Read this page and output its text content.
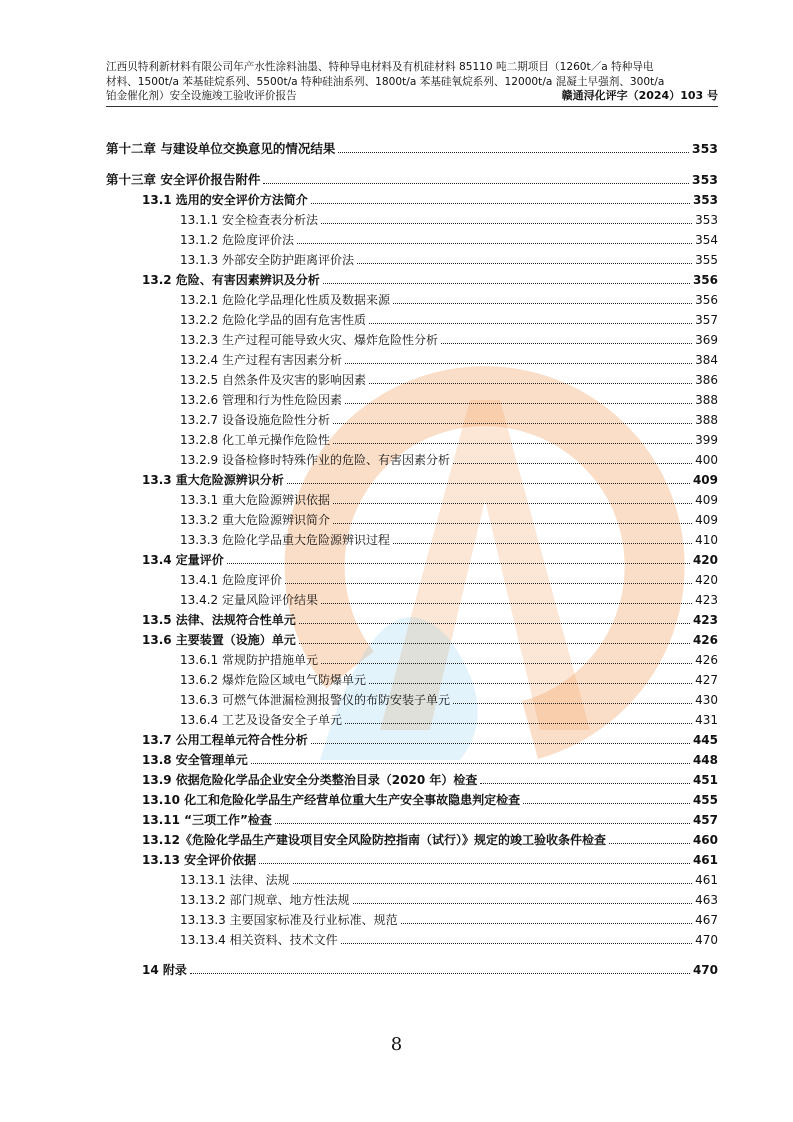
江西贝特利新材料有限公司年产水性涂料油墨、特种导电材料及有机硅材料 85110 吨二期项目（1260t／a 特种导电
材料、1500t/a 苯基硅烷系列、5500t/a 特种硅油系列、1800t/a 苯基硅氧烷系列、12000t/a 混凝土早强剂、300t/a
铂金催化剂）安全设施竣工验收评价报告	赣通浔化评字（2024）103 号
第十二章 与建设单位交换意见的情况结果	353
第十三章 安全评价报告附件	353
13.1 选用的安全评价方法简介	353
13.1.1 安全检查表分析法	353
13.1.2 危险度评价法	354
13.1.3 外部安全防护距离评价法	355
13.2 危险、有害因素辨识及分析	356
13.2.1 危险化学品理化性质及数据来源	356
13.2.2 危险化学品的固有危害性质	357
13.2.3 生产过程可能导致火灾、爆炸危险性分析	369
13.2.4 生产过程有害因素分析	384
13.2.5 自然条件及灾害的影响因素	386
13.2.6 管理和行为性危险因素	388
13.2.7 设备设施危险性分析	388
13.2.8 化工单元操作危险性	399
13.2.9 设备检修时特殊作业的危险、有害因素分析	400
13.3 重大危险源辨识分析	409
13.3.1 重大危险源辨识依据	409
13.3.2 重大危险源辨识简介	409
13.3.3 危险化学品重大危险源辨识过程	410
13.4 定量评价	420
13.4.1 危险度评价	420
13.4.2 定量风险评价结果	423
13.5 法律、法规符合性单元	423
13.6 主要装置（设施）单元	426
13.6.1 常规防护措施单元	426
13.6.2 爆炸危险区域电气防爆单元	427
13.6.3 可燃气体泄漏检测报警仪的布防安装子单元	430
13.6.4 工艺及设备安全子单元	431
13.7 公用工程单元符合性分析	445
13.8 安全管理单元	448
13.9 依据危险化学品企业安全分类整治目录（2020 年）检查	451
13.10 化工和危险化学品生产经营单位重大生产安全事故隐患判定检查	455
13.11 “三项工作”检查	457
13.12《危险化学品生产建设项目安全风险防控指南（试行）》规定的竣工验收条件检查	460
13.13 安全评价依据	461
13.13.1 法律、法规	461
13.13.2 部门规章、地方性法规	463
13.13.3 主要国家标准及行业标准、规范	467
13.13.4 相关资料、技术文件	470
14 附录	470
8
